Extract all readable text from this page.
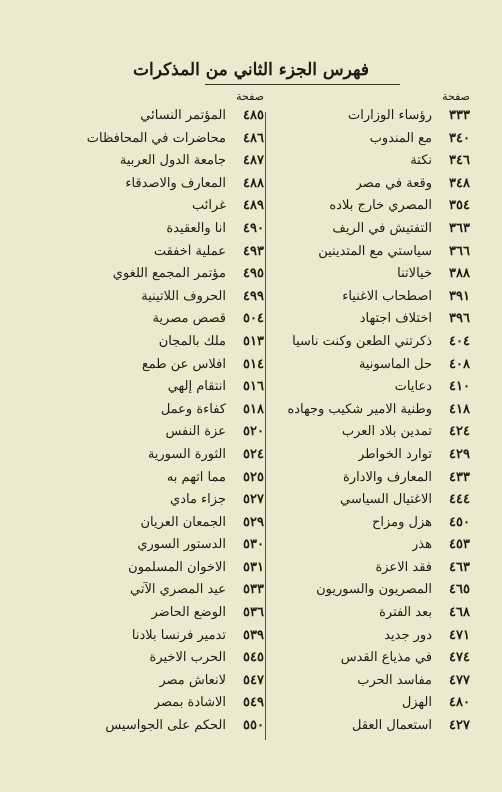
فهرس الجزء الثاني من المذكرات
صفحة
٣٣٣
رؤساء الوزارات
٣٤٠
مع المندوب
٣٤٦
نكتة
٣٤٨
وقعة في مصر
٣٥٤
المصري خارج بلاده
٣٦٣
التفتيش في الريف
٣٦٦
سياستي مع المتدينين
٣٨٨
خيالاتنا
٣٩١
اصطحاب الاغنياء
٣٩٦
اختلاف اجتهاد
٤٠٤
ذكرتني الطعن وكنت ناسياً
٤٠٨
حل الماسونية
٤١٠
دعايات
٤١٨
وطنية الامير شكيب وجهاده
٤٢٤
تمدين بلاد العرب
٤٢٩
توارد الخواطر
٤٣٣
المعارف والادارة
٤٤٤
الاغتيال السياسي
٤٥٠
هزل ومزاح
٤٥٣
هذر
٤٦٣
فقد الاعزة
٤٦٥
المصريون والسوريون
٤٦٨
بعد الفترة
٤٧١
دور جديد
٤٧٤
في مذياع القدس
٤٧٧
مفاسد الحرب
٤٨٠
الهزل
٤٢٧
استعمال العقل
صفحة
٤٨٥
المؤتمر النسائي
٤٨٦
محاضرات في المحافظات
٤٨٧
جامعة الدول العربية
٤٨٨
المعارف والاصدقاء
٤٨٩
غرائب
٤٩٠
انا والعقيدة
٤٩٣
عملية أخفقت
٤٩٥
مؤتمر المجمع اللغوي
٤٩٩
الحروف اللاتينية
٥٠٤
قصص مصرية
٥١٣
ملك بالمجان
٥١٤
افلاس عن طمع
٥١٦
انتقام إلهي
٥١٨
كفاءة وعمل
٥٢٠
عزة النفس
٥٢٤
الثورة السورية
٥٢٥
مما اتهم به
٥٢٧
جزاء مادي
٥٢٩
الجمعان العريان
٥٣٠
الدستور السوري
٥٣١
الاخوان المسلمون
٥٣٣
عيد المصري الآتي
٥٣٦
الوضع الحاضر
٥٣٩
تدمير فرنسا بلادنا
٥٤٥
الحرب الاخيرة
٥٤٧
لانعاش مصر
٥٤٩
الاشادة بمصر
٥٥٠
الحكم على الجواسيس
